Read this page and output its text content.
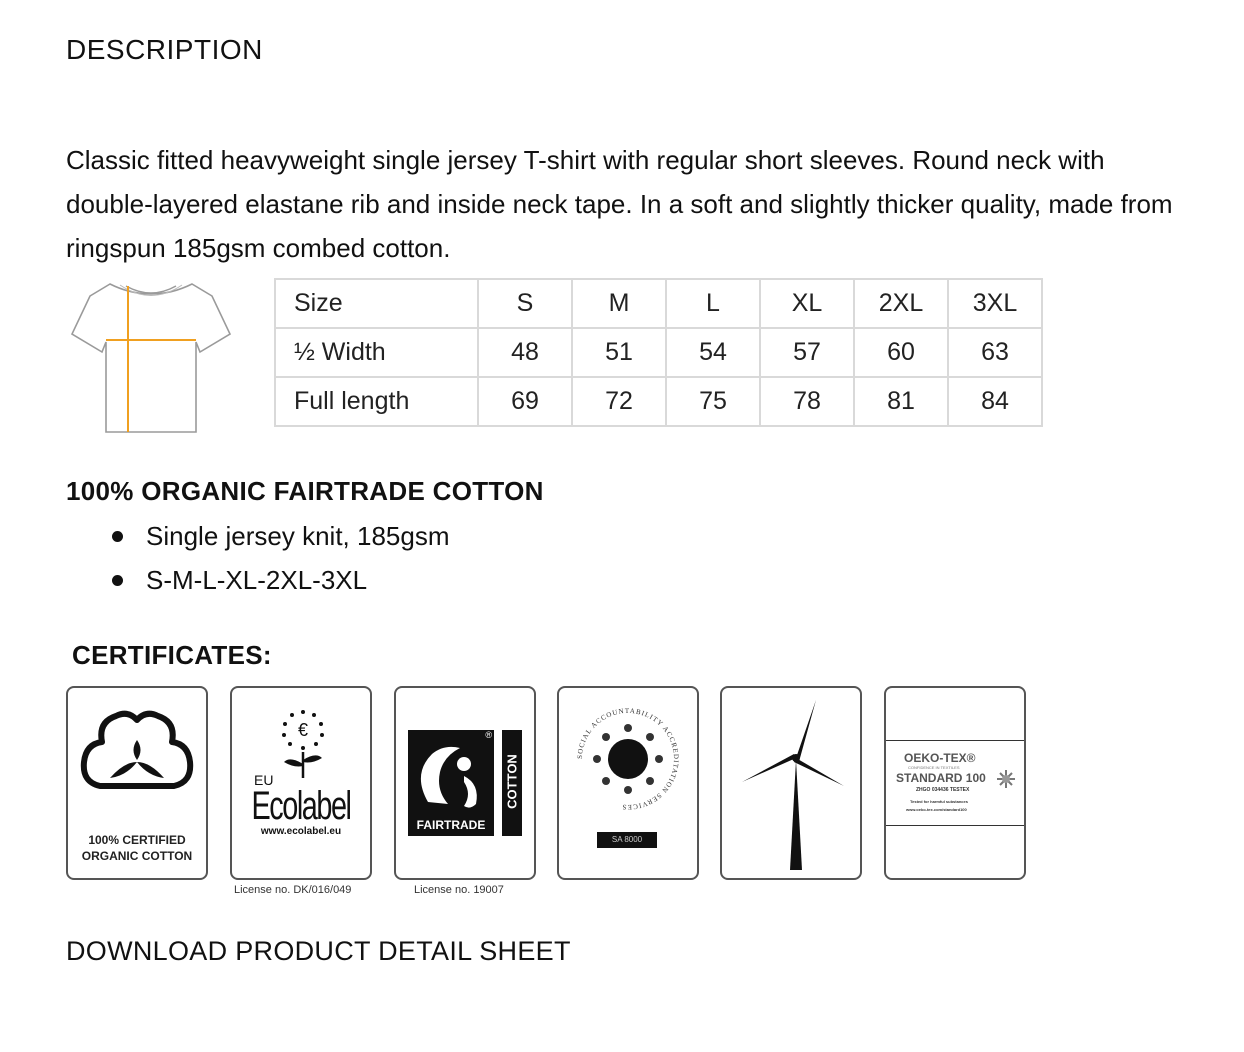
DESCRIPTION
Classic fitted heavyweight single jersey T-shirt with regular short sleeves. Round neck with double-layered elastane rib and inside neck tape. In a soft and slightly thicker quality, made from ringspun 185gsm combed cotton.
Size	S	M	L	XL	2XL	3XL
½ Width	48	51	54	57	60	63
Full length	69	72	75	78	81	84
100% ORGANIC FAIRTRADE COTTON
Single jersey knit, 185gsm
S-M-L-XL-2XL-3XL
CERTIFICATES:
100% CERTIFIED
ORGANIC COTTON
€
EU
Ecolabel
www.ecolabel.eu
License no. DK/016/049
FAIRTRADE
®
COTTON
License no. 19007
SOCIAL ACCOUNTABILITY ACCREDITATION SERVICES
SA 8000
OEKO-TEX®
CONFIDENCE IN TEXTILES
STANDARD 100
ZHGO 034436 TESTEX
Tested for harmful substances
www.oeko-tex.com/standard100
DOWNLOAD PRODUCT DETAIL SHEET
